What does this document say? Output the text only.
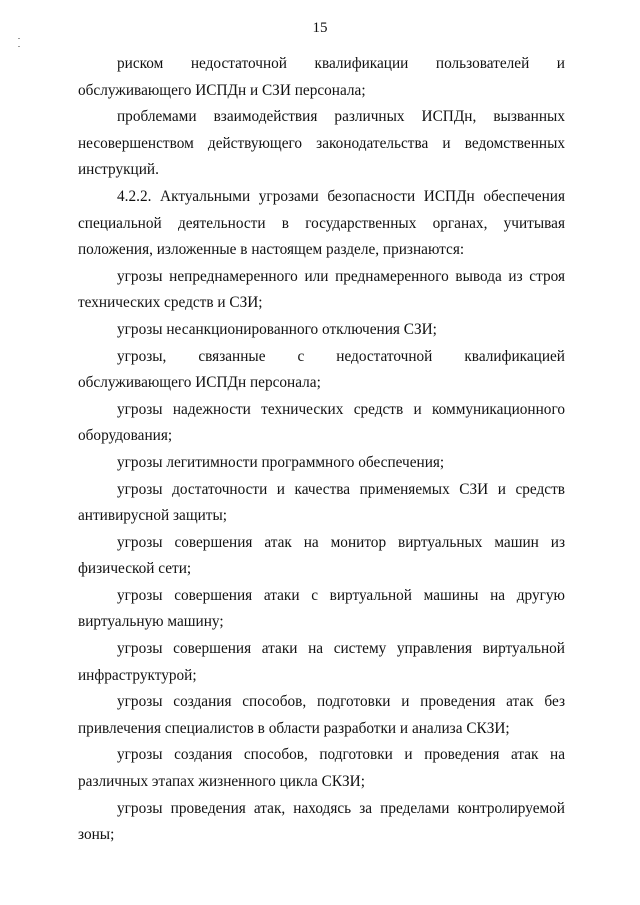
15

риском недостаточной квалификации пользователей и обслуживающего ИСПДн и СЗИ персонала;

проблемами взаимодействия различных ИСПДн, вызванных несовершенством действующего законодательства и ведомственных инструкций.

4.2.2. Актуальными угрозами безопасности ИСПДн обеспечения специальной деятельности в государственных органах, учитывая положения, изложенные в настоящем разделе, признаются:

угрозы непреднамеренного или преднамеренного вывода из строя технических средств и СЗИ;

угрозы несанкционированного отключения СЗИ;

угрозы, связанные с недостаточной квалификацией обслуживающего ИСПДн персонала;

угрозы надежности технических средств и коммуникационного оборудования;

угрозы легитимности программного обеспечения;

угрозы достаточности и качества применяемых СЗИ и средств антивирусной защиты;

угрозы совершения атак на монитор виртуальных машин из физической сети;

угрозы совершения атаки с виртуальной машины на другую виртуальную машину;

угрозы совершения атаки на систему управления виртуальной инфраструктурой;

угрозы создания способов, подготовки и проведения атак без привлечения специалистов в области разработки и анализа СКЗИ;

угрозы создания способов, подготовки и проведения атак на различных этапах жизненного цикла СКЗИ;

угрозы проведения атак, находясь за пределами контролируемой зоны;
